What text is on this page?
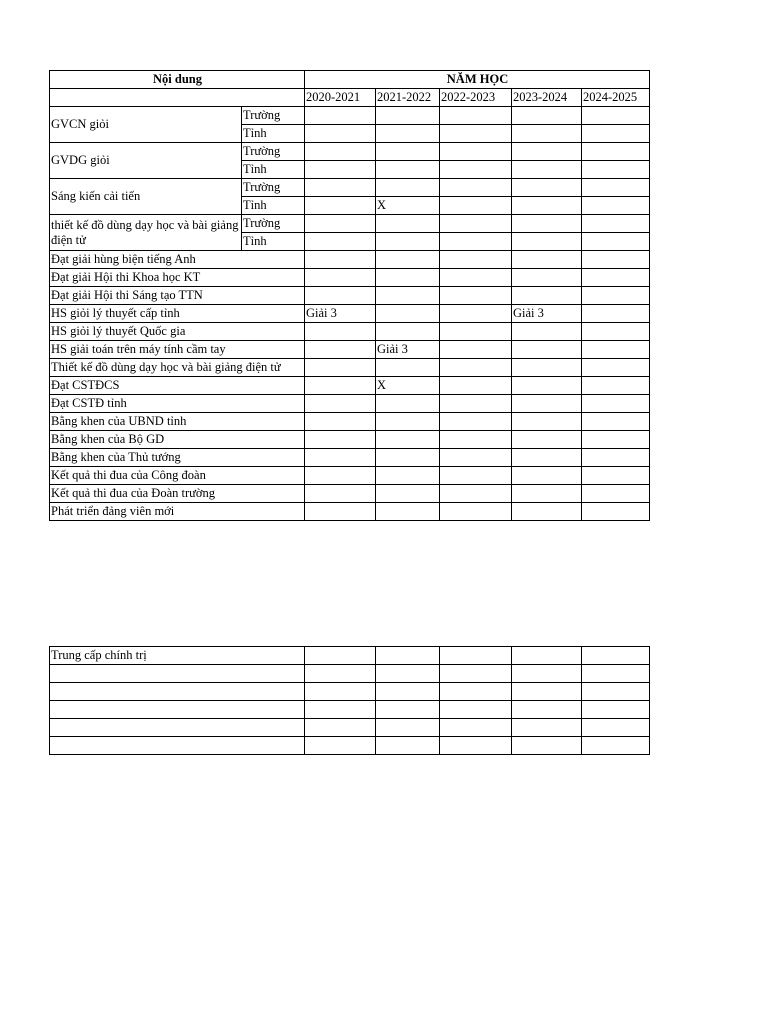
Nội dung		NĂM HỌC				
		2020-2021	2021-2022	2022-2023	2023-2024	2024-2025
GVCN giỏi	Trường					
	Tỉnh					
GVDG giỏi	Trường					
	Tỉnh					
Sáng kiến cải tiến	Trường					
	Tỉnh		X			
thiết kế đồ dùng dạy học và bài giảng điện tử	Trường					
	Tỉnh					
Đạt giải hùng biện tiếng Anh						
Đạt giải Hội thi Khoa học KT						
Đạt giải Hội thi Sáng tạo TTN						
HS giỏi lý thuyết cấp tỉnh		Giải 3			Giải 3	
HS giỏi lý thuyết Quốc gia						
HS giải toán trên máy tính cầm tay			Giải 3			
Thiết kế đồ dùng dạy học và bài giảng điện tử						
Đạt CSTĐCS			X			
Đạt CSTĐ tỉnh						
Bằng khen của UBND tỉnh						
Bằng khen của Bộ GD						
Bằng khen của Thủ tướng						
Kết quả thi đua của Công đoàn						
Kết quả thi đua của Đoàn trường						
Phát triển đảng viên mới						
Trung cấp chính trị					
